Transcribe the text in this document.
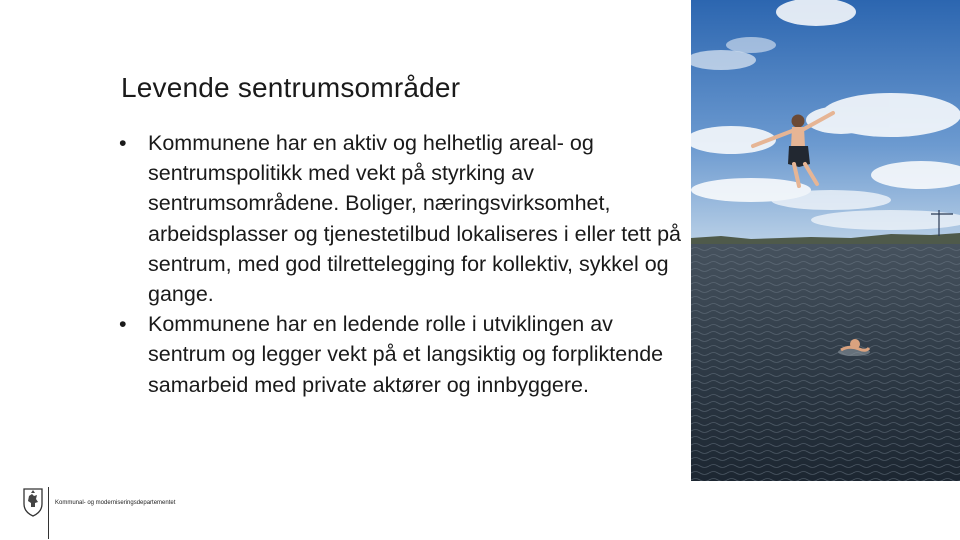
Levende sentrumsområder
• Kommunene har en aktiv og helhetlig areal- og sentrumspolitikk med vekt på styrking av sentrumsområdene. Boliger, næringsvirksomhet, arbeidsplasser og tjenestetilbud lokaliseres i eller tett på sentrum, med god tilrettelegging for kollektiv, sykkel og gange.
• Kommunene har en ledende rolle i utviklingen av sentrum og legger vekt på et langsiktig og forpliktende samarbeid med private aktører og innbyggere.
Kommunal- og moderniseringsdepartementet
